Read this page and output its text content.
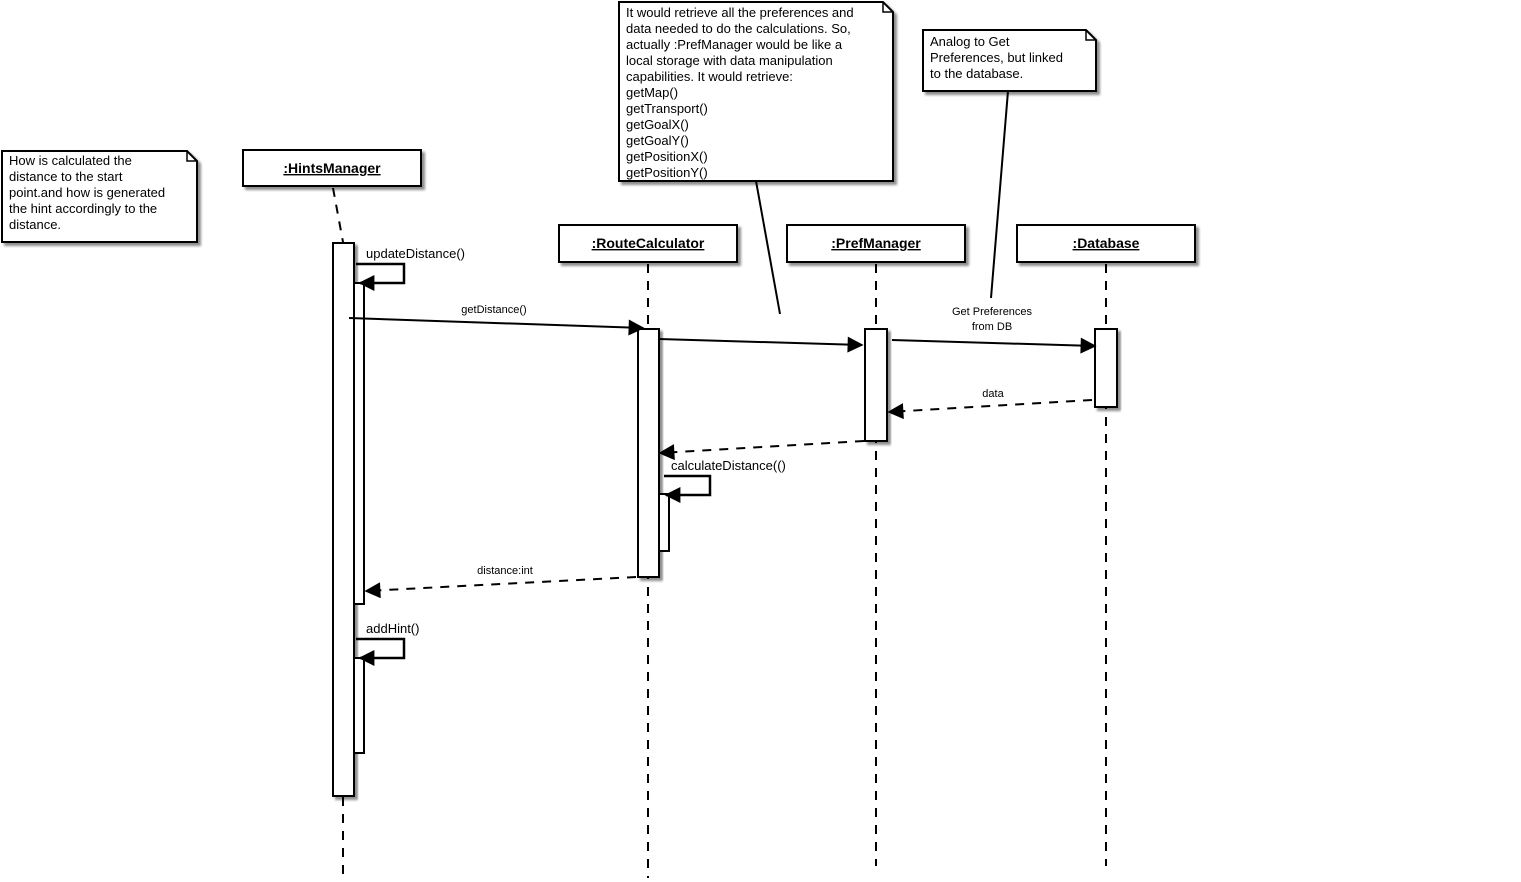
:HintsManager
:RouteCalculator	:PrefManager	:Database
updateDistance()
getDistance()	Get Preferences
from DB
data
calculateDistance(()
distance:int
addHint()
How is calculated the
distance to the start
point.and how is generated
the hint accordingly to the
distance.
It would retrieve all the preferences and
data needed to do the calculations. So,
actually :PrefManager would be like a
local storage with data manipulation
capabilities. It would retrieve:
getMap()
getTransport()
getGoalX()
getGoalY()
getPositionX()
getPositionY()
Analog to Get
Preferences, but linked
to the database.
